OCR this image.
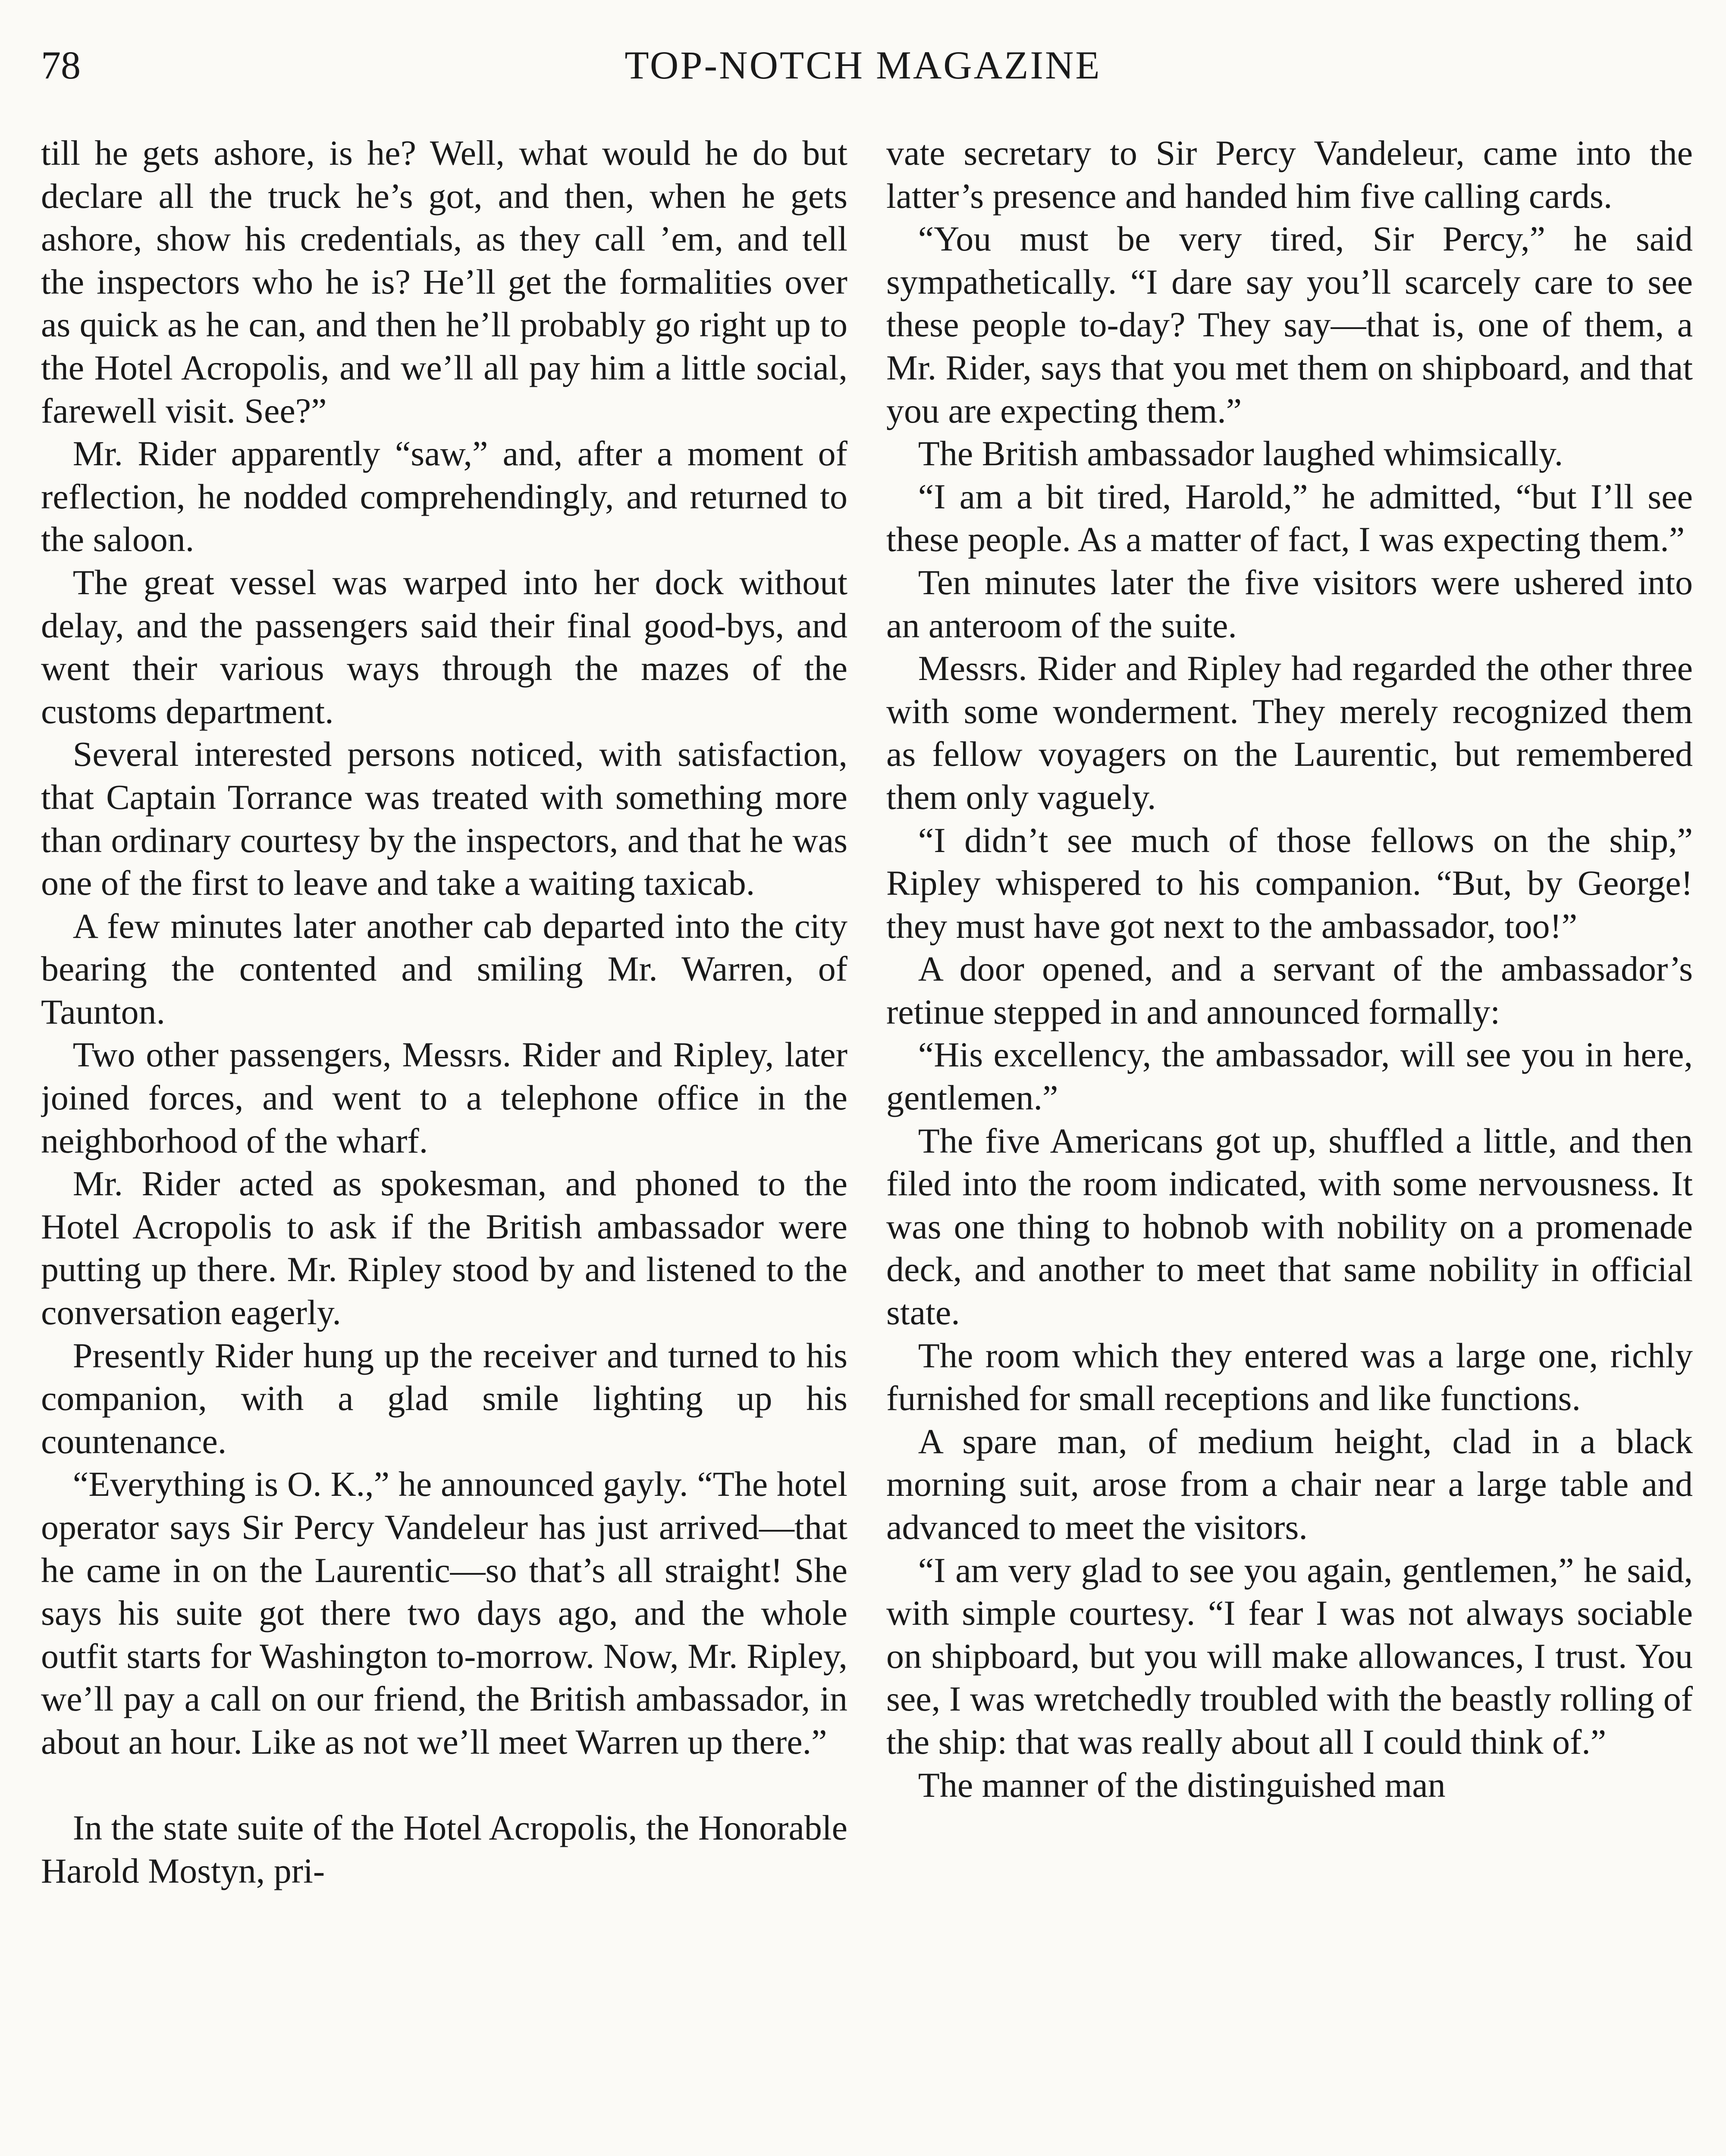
78	TOP-NOTCH MAGAZINE

till he gets ashore, is he? Well, what would he do but declare all the truck he’s got, and then, when he gets ashore, show his credentials, as they call ’em, and tell the inspectors who he is? He’ll get the formalities over as quick as he can, and then he’ll probably go right up to the Hotel Acropolis, and we’ll all pay him a little social, farewell visit. See?”

Mr. Rider apparently “saw,” and, after a moment of reflection, he nodded comprehendingly, and returned to the saloon.

The great vessel was warped into her dock without delay, and the passengers said their final good-bys, and went their various ways through the mazes of the customs department.

Several interested persons noticed, with satisfaction, that Captain Torrance was treated with something more than ordinary courtesy by the inspectors, and that he was one of the first to leave and take a waiting taxicab.

A few minutes later another cab departed into the city bearing the contented and smiling Mr. Warren, of Taunton.

Two other passengers, Messrs. Rider and Ripley, later joined forces, and went to a telephone office in the neighborhood of the wharf.

Mr. Rider acted as spokesman, and phoned to the Hotel Acropolis to ask if the British ambassador were putting up there. Mr. Ripley stood by and listened to the conversation eagerly.

Presently Rider hung up the receiver and turned to his companion, with a glad smile lighting up his countenance.

“Everything is O. K.,” he announced gayly. “The hotel operator says Sir Percy Vandeleur has just arrived—that he came in on the Laurentic—so that’s all straight! She says his suite got there two days ago, and the whole outfit starts for Washington to-morrow. Now, Mr. Ripley, we’ll pay a call on our friend, the British ambassador, in about an hour. Like as not we’ll meet Warren up there.”

In the state suite of the Hotel Acropolis, the Honorable Harold Mostyn, pri-

vate secretary to Sir Percy Vandeleur, came into the latter’s presence and handed him five calling cards.

“You must be very tired, Sir Percy,” he said sympathetically. “I dare say you’ll scarcely care to see these people to-day? They say—that is, one of them, a Mr. Rider, says that you met them on shipboard, and that you are expecting them.”

The British ambassador laughed whimsically.

“I am a bit tired, Harold,” he admitted, “but I’ll see these people. As a matter of fact, I was expecting them.”

Ten minutes later the five visitors were ushered into an anteroom of the suite.

Messrs. Rider and Ripley had regarded the other three with some wonderment. They merely recognized them as fellow voyagers on the Laurentic, but remembered them only vaguely.

“I didn’t see much of those fellows on the ship,” Ripley whispered to his companion. “But, by George! they must have got next to the ambassador, too!”

A door opened, and a servant of the ambassador’s retinue stepped in and announced formally:

“His excellency, the ambassador, will see you in here, gentlemen.”

The five Americans got up, shuffled a little, and then filed into the room indicated, with some nervousness. It was one thing to hobnob with nobility on a promenade deck, and another to meet that same nobility in official state.

The room which they entered was a large one, richly furnished for small receptions and like functions.

A spare man, of medium height, clad in a black morning suit, arose from a chair near a large table and advanced to meet the visitors.

“I am very glad to see you again, gentlemen,” he said, with simple courtesy. “I fear I was not always sociable on shipboard, but you will make allowances, I trust. You see, I was wretchedly troubled with the beastly rolling of the ship: that was really about all I could think of.”

The manner of the distinguished man
